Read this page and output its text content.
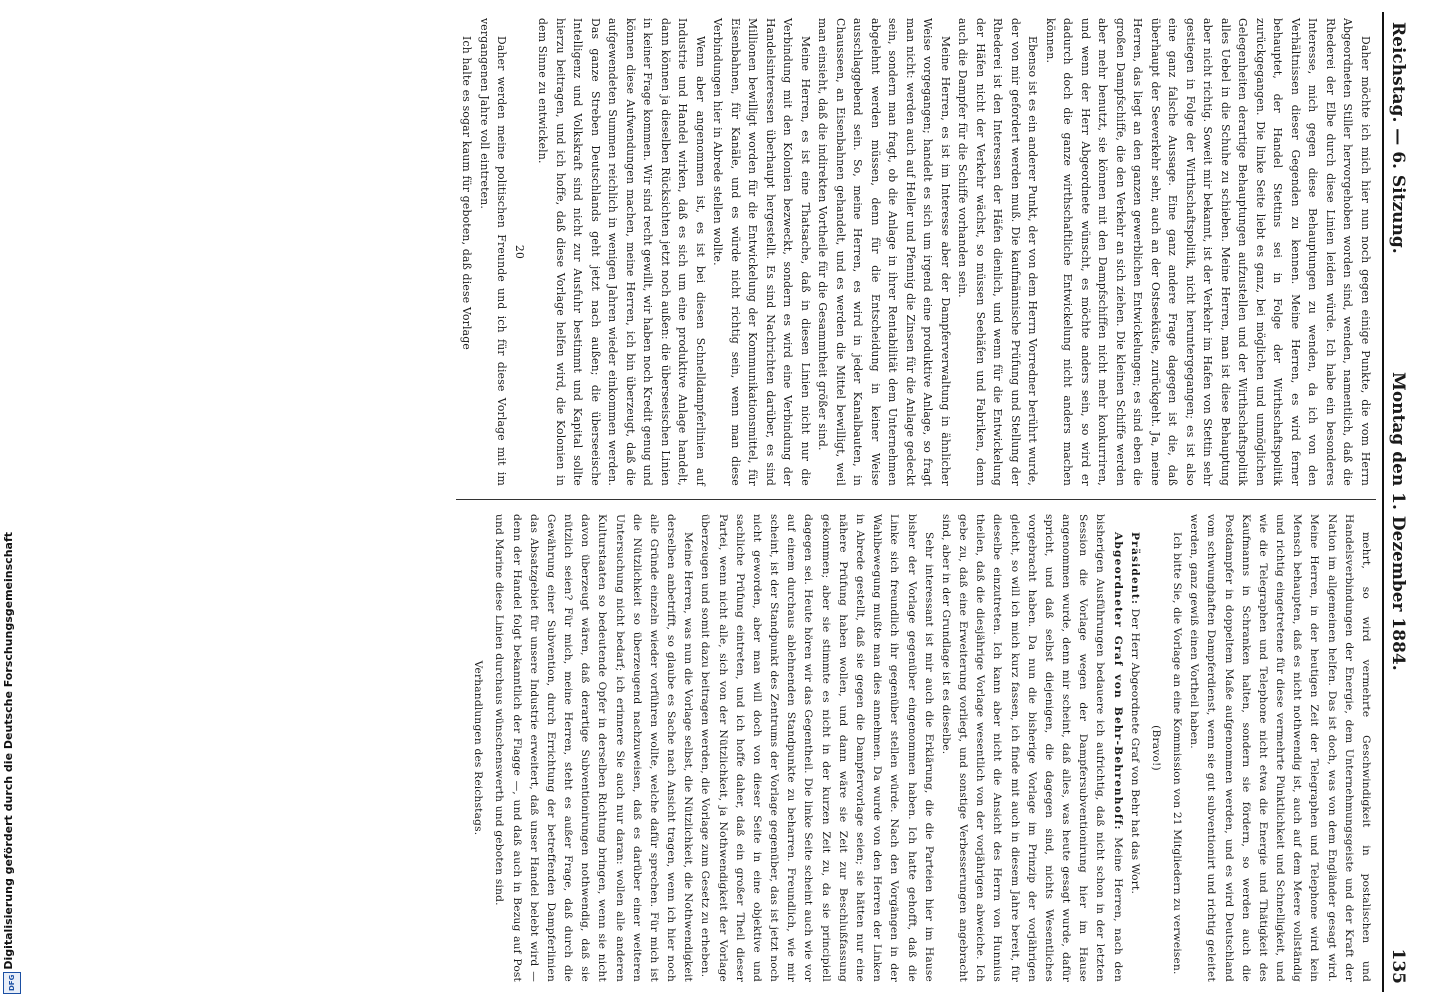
Digitalisierung gefördert durch die Deutsche Forschungsgemeinschaft
DFG
Reichstag. — 6. Sitzung.
Montag den 1. Dezember 1884.
135

Daher möchte ich mich hier nun noch gegen einige Punkte, die vom Herrn Abgeordneten Stiller hervorgehoben worden sind, wenden, namentlich, daß die Rhederei der Elbe durch diese Linien leiden würde. Ich habe ein besonderes Interesse, mich gegen diese Behauptungen zu wenden, da ich von den Verhältnissen dieser Gegenden zu kennen. Meine Herren, es wird ferner behauptet, der Handel Stettins sei in Folge der Wirthschaftspolitik zurückgegangen. Die linke Seite liebt es ganz, bei möglichen und unmöglichen Gelegenheiten derartige Behauptungen aufzustellen und der Wirthschaftspolitik alles Uebel in die Schuhe zu schieben. Meine Herren, man ist diese Behauptung aber nicht richtig. Soweit mir bekannt, ist der Verkehr im Hafen von Stettin sehr gestiegen in Folge der Wirthschaftspolitik, nicht heruntergegangen; es ist also eine ganz falsche Aussage. Eine ganz andere Frage dagegen ist die, daß überhaupt der Seeverkehr sehr, auch an der Ostseeküste, zurückgeht. Ja, meine Herren, das liegt an den ganzen gewerblichen Entwickelungen; es sind eben die großen Dampfschiffe, die den Verkehr an sich ziehen. Die kleinen Schiffe werden aber mehr benutzt, sie können mit den Dampfschiffen nicht mehr konkurriren, und wenn der Herr Abgeordnete wünscht, es möchte anders sein, so wird er dadurch doch die ganze wirthschaftliche Entwickelung nicht anders machen können.

Ebenso ist es ein anderer Punkt, der von dem Herrn Vorredner berührt wurde, der von mir gefordert werden muß. Die kaufmännische Prüfung und Stellung der Rhederei ist den Interessen der Häfen dienlich, und wenn für die Entwickelung der Häfen nicht der Verkehr wächst, so müssen Seehäfen und Fabriken, denn auch die Dampfer für die Schiffe vorhanden sein.

Meine Herren, es ist im Interesse aber der Dampferverwaltung in ähnlicher Weise vorgegangen; handelt es sich um irgend eine produktive Anlage, so fragt man nicht: werden auch auf Heller und Pfennig die Zinsen für die Anlage gedeckt sein, sondern man fragt, ob die Anlage in ihrer Rentabilität dem Unternehmen abgelehnt werden müssen, denn für die Entscheidung in keiner Weise ausschlaggebend sein. So, meine Herren, es wird in jeder Kanalbauten, in Chausseen, an Eisenbahnen gehandelt, und es werden die Mittel bewilligt, weil man einsieht, daß die indirekten Vortheile für die Gesammtheit größer sind.

Meine Herren, es ist eine Thatsache, daß in diesen Linien nicht nur die Verbindung mit den Kolonien bezweckt, sondern es wird eine Verbindung der Handelsinteressen überhaupt hergestellt. Es sind Nachrichten darüber, es sind Millionen bewilligt worden für die Entwickelung der Kommunikationsmittel, für Eisenbahnen, für Kanäle, und es würde nicht richtig sein, wenn man diese Verbindungen hier in Abrede stellen wollte.

Wenn aber angenommen ist, es ist bei diesen Schnelldampferlinien auf Industrie und Handel wirken, daß es sich um eine produktive Anlage handelt, dann können ja dieselben Rücksichten jetzt noch außen: die überseeischen Linien in keiner Frage kommen. Wir sind recht gewillt, wir haben noch Kredit genug und können diese Aufwendungen machen, meine Herren, ich bin überzeugt, daß die aufgewendeten Summen reichlich in wenigen Jahren wieder einkommen werden. Das ganze Streben Deutschlands geht jetzt nach außen; die überseeische Intelligenz und Volkskraft sind nicht zur Ausfuhr bestimmt und Kapital sollte hierzu beitragen, und ich hoffe, daß diese Vorlage helfen wird, die Kolonien in dem Sinne zu entwickeln.

20

Daher werden meine politischen Freunde und ich für diese Vorlage mit im vergangenen Jahre voll eintreten.

Ich halte es sogar kaum für geboten, daß diese Vorlage

mehrt, so wird vermehrte Geschwindigkeit in postalischen und Handelsverbindungen der Energie, dem Unternehmungsgeiste und der Kraft der Nation im allgemeinen helfen. Das ist doch, was von dem Engländer gesagt wird. Meine Herren, in der heutigen Zeit der Telegraphen und Telephone wird kein Mensch behaupten, daß es nicht nothwendig ist, auch auf dem Meere vollständig und richtig eingetretene für diese vermehrte Pünktlichkeit und Schnelligkeit, und wie die Telegraphen und Telephone nicht etwa die Energie und Thätigkeit des Kaufmanns in Schranken halten, sondern sie fördern, so werden auch die Postdampfer in doppeltem Maße aufgenommen werden, und es wird Deutschland vom schwunghaften Dampferdienst, wenn sie gut subventionirt und richtig geleitet werden, ganz gewiß einen Vortheil haben.

Ich bitte Sie, die Vorlage an eine Kommission von 21 Mitgliedern zu verweisen.

(Bravo!)

Präsident: Der Herr Abgeordnete Graf von Behr hat das Wort.

Abgeordneter Graf von Behr-Behrenhoff: Meine Herren, nach den bisherigen Ausführungen bedauere ich aufrichtig, daß nicht schon in der letzten Session die Vorlage wegen der Dampfersubventionirung hier im Hause angenommen wurde, denn mir scheint, daß alles, was heute gesagt wurde, dafür spricht, und daß selbst diejenigen, die dagegen sind, nichts Wesentliches vorgebracht haben. Da nun die bisherige Vorlage im Prinzip der vorjährigen gleicht, so will ich mich kurz fassen, ich finde mit auch in diesem Jahre bereit, für dieselbe einzutreten. Ich kann aber nicht die Ansicht des Herrn von Hunnius theilen, daß die diesjährige Vorlage wesentlich von der vorjährigen abweiche. Ich gebe zu, daß eine Erweiterung vorliegt, und sonstige Verbesserungen angebracht sind, aber in der Grundlage ist es dieselbe.

Sehr interessant ist mir auch die Erklärung, die die Parteien hier im Hause bisher der Vorlage gegenüber eingenommen haben. Ich hatte gehofft, daß die Linke sich freundlich ihr gegenüber stellen würde. Nach den Vorgängen in der Wahlbewegung mußte man dies annehmen. Da wurde von den Herren der Linken in Abrede gestellt, daß sie gegen die Dampfervorlage seien; sie hätten nur eine nähere Prüfung haben wollen, und dann wäre sie Zeit zur Beschlußfassung gekommen; aber sie stimmte es nicht in der kurzen Zeit zu, da sie principiell dagegen sei. Heute hören wir das Gegentheil. Die linke Seite scheint auch wie vor auf einem durchaus ablehnenden Standpunkte zu beharren. Freundlich, wie mir scheint, ist der Standpunkt des Zentrums der Vorlage gegenüber, das ist jetzt noch nicht geworden, aber man will doch von dieser Seite in eine objektive und sachliche Prüfung eintreten, und ich hoffe daher, daß ein großer Theil dieser Partei, wenn nicht alle, sich von der Nützlichkeit, ja Nothwendigkeit der Vorlage überzeugen und somit dazu beitragen werden, die Vorlage zum Gesetz zu erheben.

Meine Herren, was nun die Vorlage selbst, die Nützlichkeit, die Nothwendigkeit derselben anbetrifft, so glaube es Sache nach Ansicht tragen, wenn ich hier noch alle Gründe einzeln wieder vorführen wollte, welche dafür sprechen. Für mich ist die Nützlichkeit so überzeugend nachzuweisen, daß es darüber einer weiteren Untersuchung nicht bedarf; ich erinnere Sie auch nur daran: wollen alle anderen Kulturstaaten so bedeutende Opfer in derselben Richtung bringen, wenn sie nicht davon überzeugt wären, daß derartige Subventionirungen nothwendig, daß sie nützlich seien? Für mich, meine Herren, steht es außer Frage, daß durch die Gewährung einer Subvention, durch Errichtung der betreffenden Dampferlinien das Absatzgebiet für unsere Industrie erweitert, daß unser Handel belebt wird — denn der Handel folgt bekanntlich der Flagge —, und daß auch in Bezug auf Post und Marine diese Linien durchaus wünschenswerth und geboten sind.

Verhandlungen des Reichstags.
